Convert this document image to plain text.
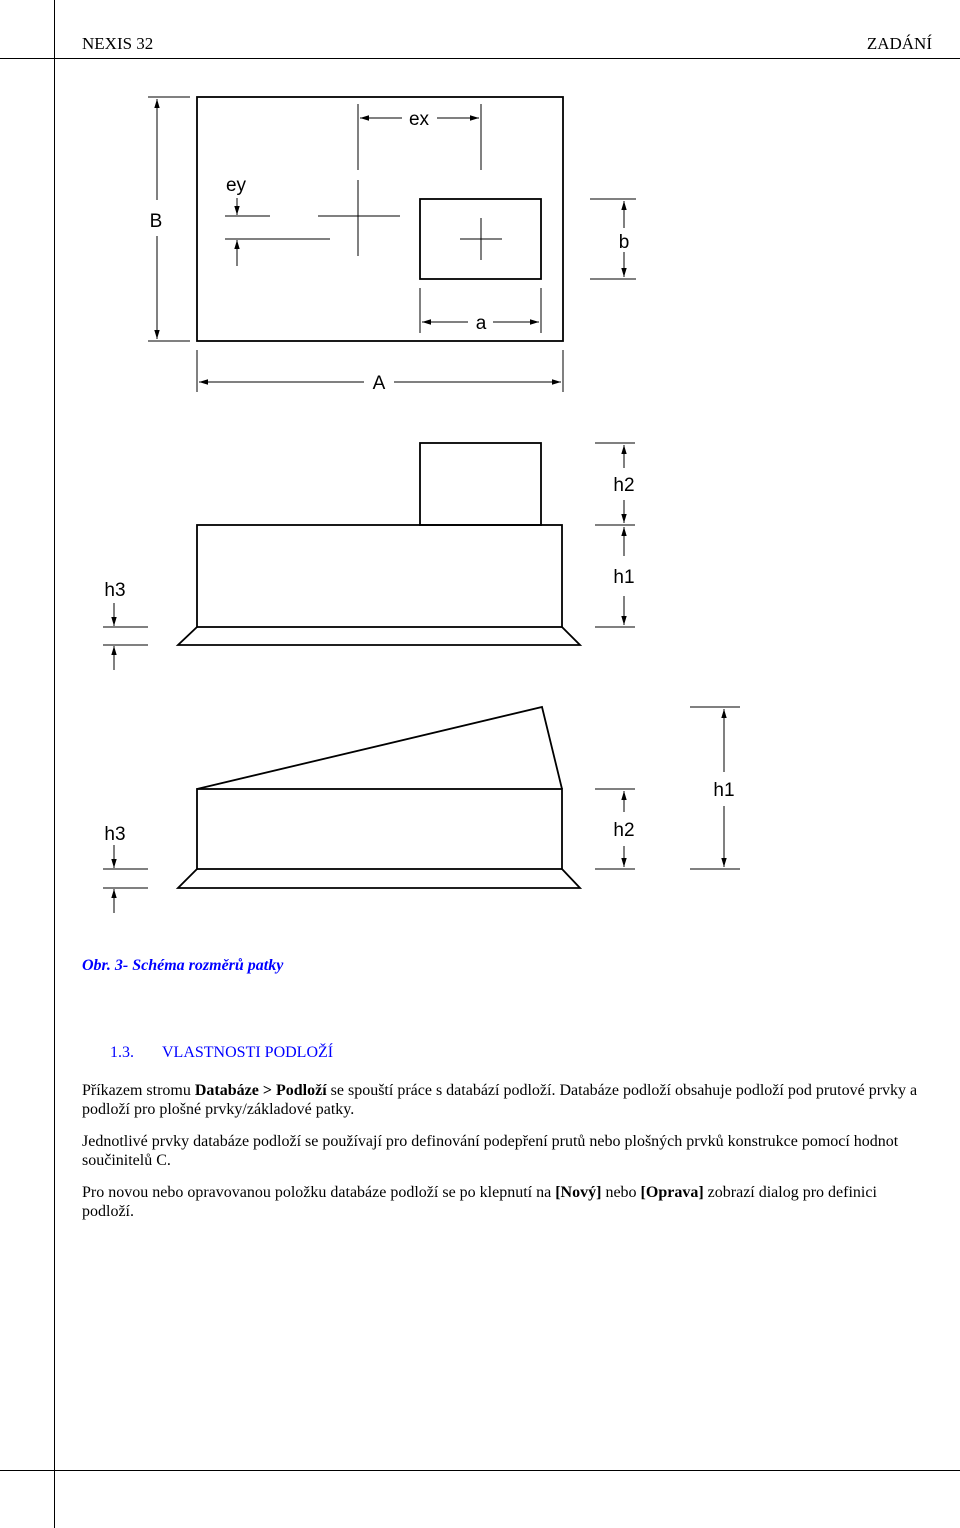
NEXIS 32	ZADÁNÍ
ex
ey
B
b
a
A
h2
h1
h3
h1
h2
h3
Obr. 3- Schéma rozměrů patky
1.3. VLASTNOSTI PODLOŽÍ
Příkazem stromu Databáze > Podloží se spouští práce s databází podloží. Databáze podloží obsahuje podloží pod prutové prvky a podloží pro plošné prvky/základové patky.
Jednotlivé prvky databáze podloží se používají pro definování podepření prutů nebo plošných prvků konstrukce pomocí hodnot součinitelů C.
Pro novou nebo opravovanou položku databáze podloží se po klepnutí na [Nový] nebo [Oprava] zobrazí dialog pro definici podloží.
